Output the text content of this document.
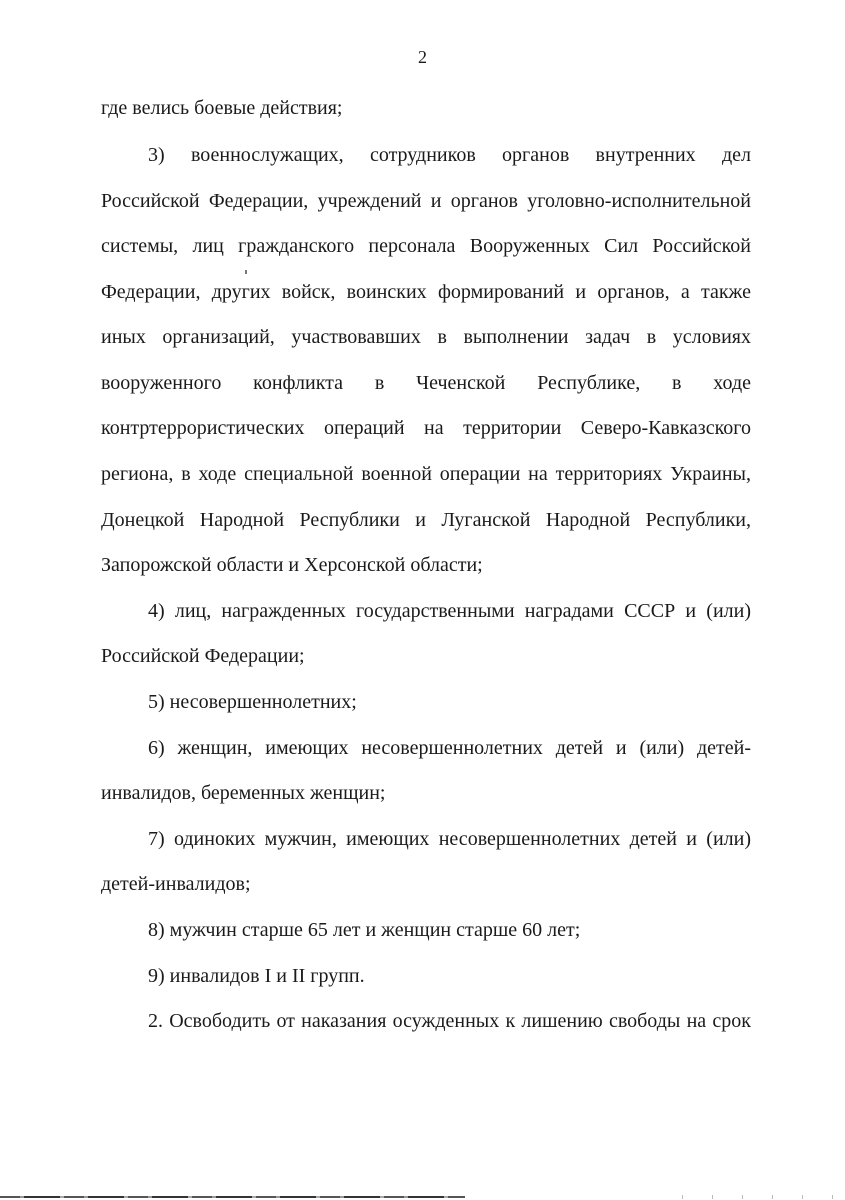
2
где велись боевые действия;
3) военнослужащих, сотрудников органов внутренних дел
Российской Федерации, учреждений и органов уголовно-исполнительной
системы, лиц гражданского персонала Вооруженных Сил Российской
Федерации, других войск, воинских формирований и органов, а также
иных организаций, участвовавших в выполнении задач в условиях
вооруженного конфликта в Чеченской Республике, в ходе
контртеррористических операций на территории Северо-Кавказского
региона, в ходе специальной военной операции на территориях Украины,
Донецкой Народной Республики и Луганской Народной Республики,
Запорожской области и Херсонской области;
4) лиц, награжденных государственными наградами СССР и (или)
Российской Федерации;
5) несовершеннолетних;
6) женщин, имеющих несовершеннолетних детей и (или) детей-
инвалидов, беременных женщин;
7) одиноких мужчин, имеющих несовершеннолетних детей и (или)
детей-инвалидов;
8) мужчин старше 65 лет и женщин старше 60 лет;
9) инвалидов I и II групп.
2. Освободить от наказания осужденных к лишению свободы на срок
